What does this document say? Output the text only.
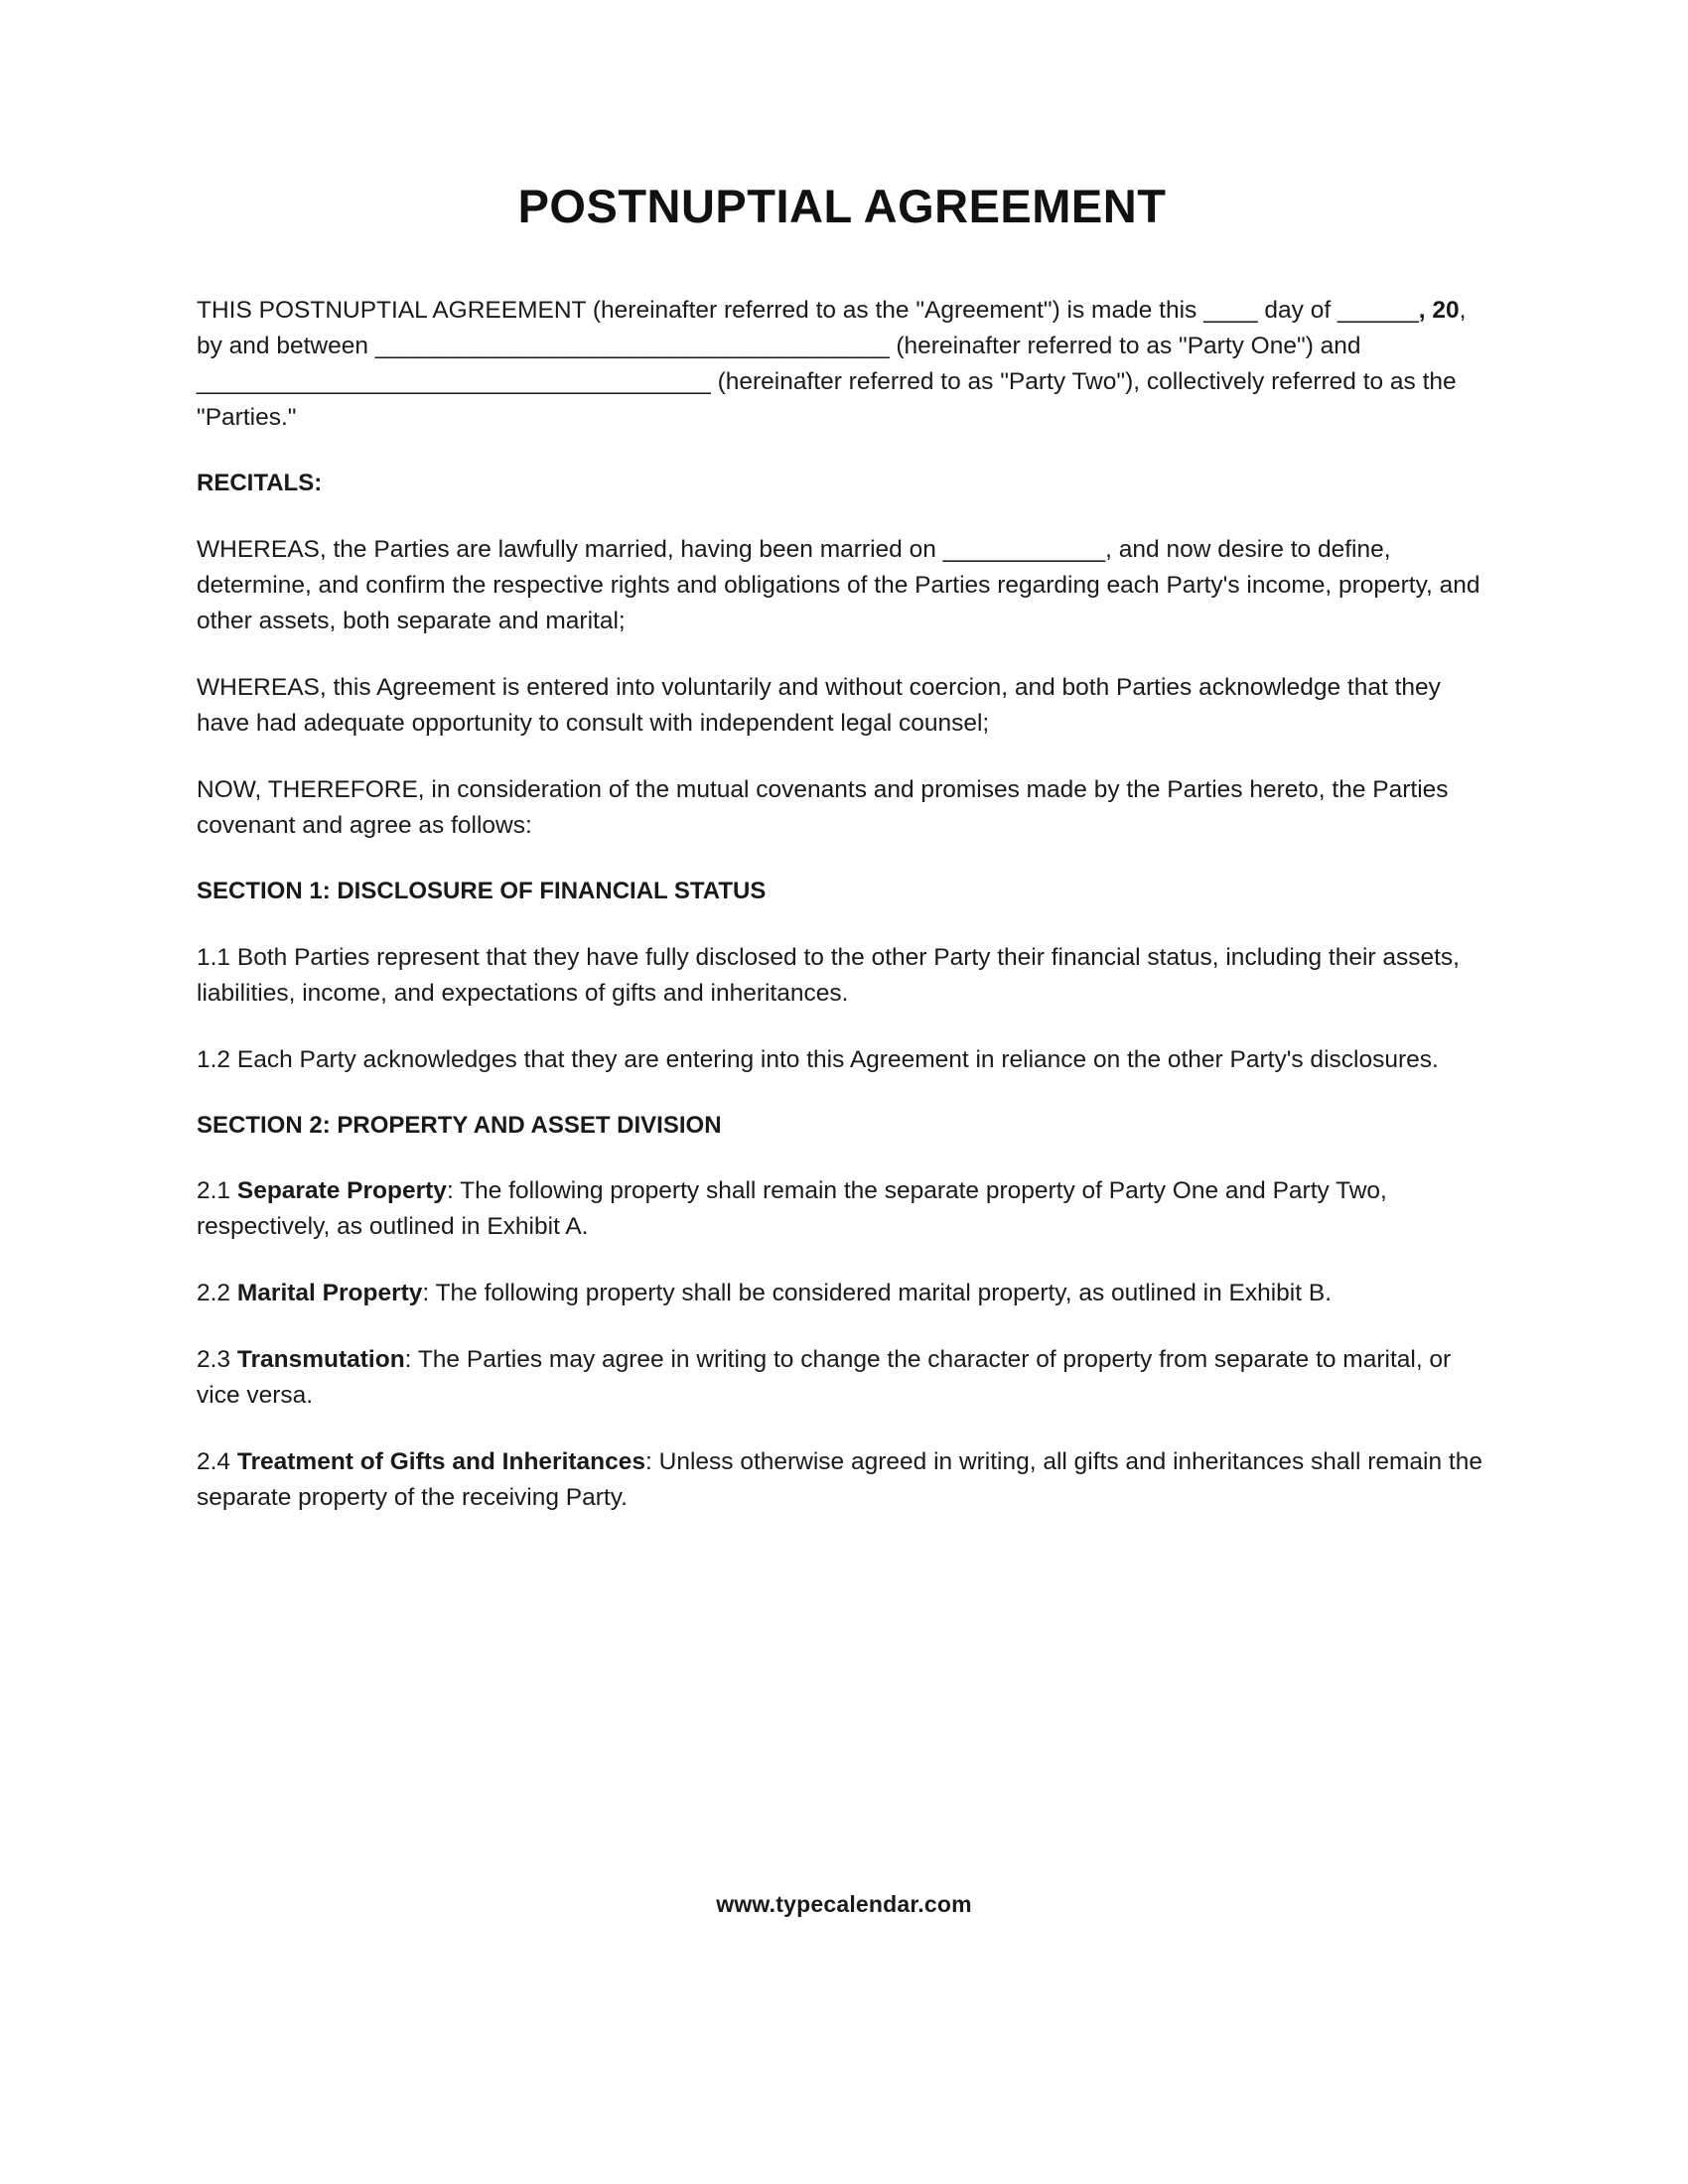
POSTNUPTIAL AGREEMENT

THIS POSTNUPTIAL AGREEMENT (hereinafter referred to as the "Agreement") is made this ____ day of ______, 20, by and between ______________________________________ (hereinafter referred to as "Party One") and ______________________________________ (hereinafter referred to as "Party Two"), collectively referred to as the "Parties."

RECITALS:

WHEREAS, the Parties are lawfully married, having been married on ____________, and now desire to define, determine, and confirm the respective rights and obligations of the Parties regarding each Party's income, property, and other assets, both separate and marital;

WHEREAS, this Agreement is entered into voluntarily and without coercion, and both Parties acknowledge that they have had adequate opportunity to consult with independent legal counsel;

NOW, THEREFORE, in consideration of the mutual covenants and promises made by the Parties hereto, the Parties covenant and agree as follows:

SECTION 1: DISCLOSURE OF FINANCIAL STATUS

1.1 Both Parties represent that they have fully disclosed to the other Party their financial status, including their assets, liabilities, income, and expectations of gifts and inheritances.

1.2 Each Party acknowledges that they are entering into this Agreement in reliance on the other Party's disclosures.

SECTION 2: PROPERTY AND ASSET DIVISION

2.1 Separate Property: The following property shall remain the separate property of Party One and Party Two, respectively, as outlined in Exhibit A.

2.2 Marital Property: The following property shall be considered marital property, as outlined in Exhibit B.

2.3 Transmutation: The Parties may agree in writing to change the character of property from separate to marital, or vice versa.

2.4 Treatment of Gifts and Inheritances: Unless otherwise agreed in writing, all gifts and inheritances shall remain the separate property of the receiving Party.

www.typecalendar.com
